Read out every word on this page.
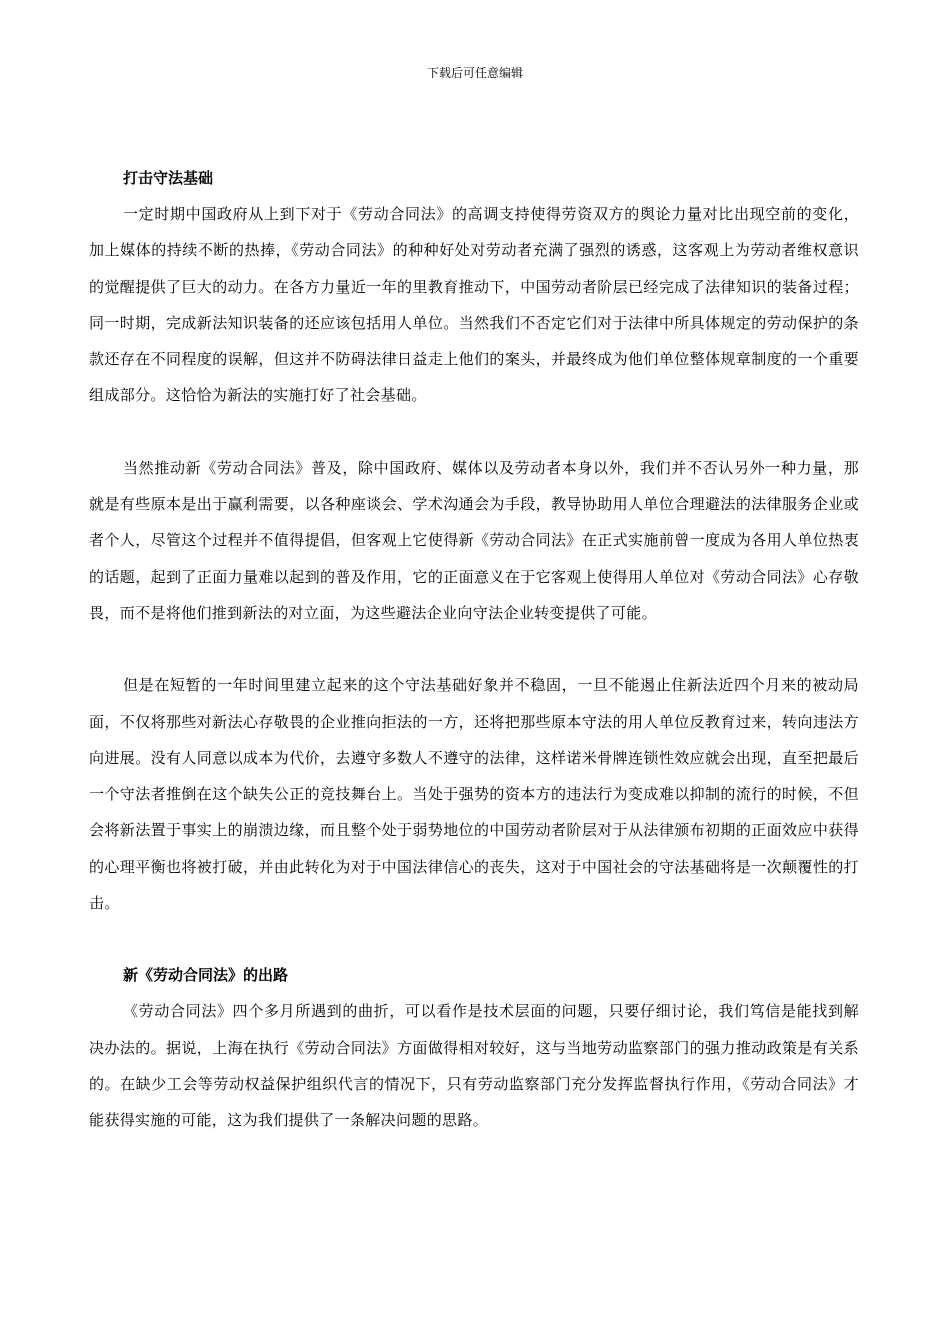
下载后可任意编辑
打击守法基础

一定时期中国政府从上到下对于《劳动合同法》的高调支持使得劳资双方的舆论力量对比出现空前的变化，加上媒体的持续不断的热捧，《劳动合同法》的种种好处对劳动者充满了强烈的诱惑，这客观上为劳动者维权意识的觉醒提供了巨大的动力。在各方力量近一年的里教育推动下，中国劳动者阶层已经完成了法律知识的装备过程；同一时期，完成新法知识装备的还应该包括用人单位。当然我们不否定它们对于法律中所具体规定的劳动保护的条款还存在不同程度的误解，但这并不防碍法律日益走上他们的案头，并最终成为他们单位整体规章制度的一个重要组成部分。这恰恰为新法的实施打好了社会基础。

当然推动新《劳动合同法》普及，除中国政府、媒体以及劳动者本身以外，我们并不否认另外一种力量，那就是有些原本是出于赢利需要，以各种座谈会、学术沟通会为手段，教导协助用人单位合理避法的法律服务企业或者个人，尽管这个过程并不值得提倡，但客观上它使得新《劳动合同法》在正式实施前曾一度成为各用人单位热衷的话题，起到了正面力量难以起到的普及作用，它的正面意义在于它客观上使得用人单位对《劳动合同法》心存敬畏，而不是将他们推到新法的对立面，为这些避法企业向守法企业转变提供了可能。

但是在短暂的一年时间里建立起来的这个守法基础好象并不稳固，一旦不能遏止住新法近四个月来的被动局面，不仅将那些对新法心存敬畏的企业推向拒法的一方，还将把那些原本守法的用人单位反教育过来，转向违法方向进展。没有人同意以成本为代价，去遵守多数人不遵守的法律，这样诺米骨牌连锁性效应就会出现，直至把最后一个守法者推倒在这个缺失公正的竞技舞台上。当处于强势的资本方的违法行为变成难以抑制的流行的时候，不但会将新法置于事实上的崩溃边缘，而且整个处于弱势地位的中国劳动者阶层对于从法律颁布初期的正面效应中获得的心理平衡也将被打破，并由此转化为对于中国法律信心的丧失，这对于中国社会的守法基础将是一次颠覆性的打击。

新《劳动合同法》的出路

《劳动合同法》四个多月所遇到的曲折，可以看作是技术层面的问题，只要仔细讨论，我们笃信是能找到解决办法的。据说，上海在执行《劳动合同法》方面做得相对较好，这与当地劳动监察部门的强力推动政策是有关系的。在缺少工会等劳动权益保护组织代言的情况下，只有劳动监察部门充分发挥监督执行作用，《劳动合同法》才能获得实施的可能，这为我们提供了一条解决问题的思路。
